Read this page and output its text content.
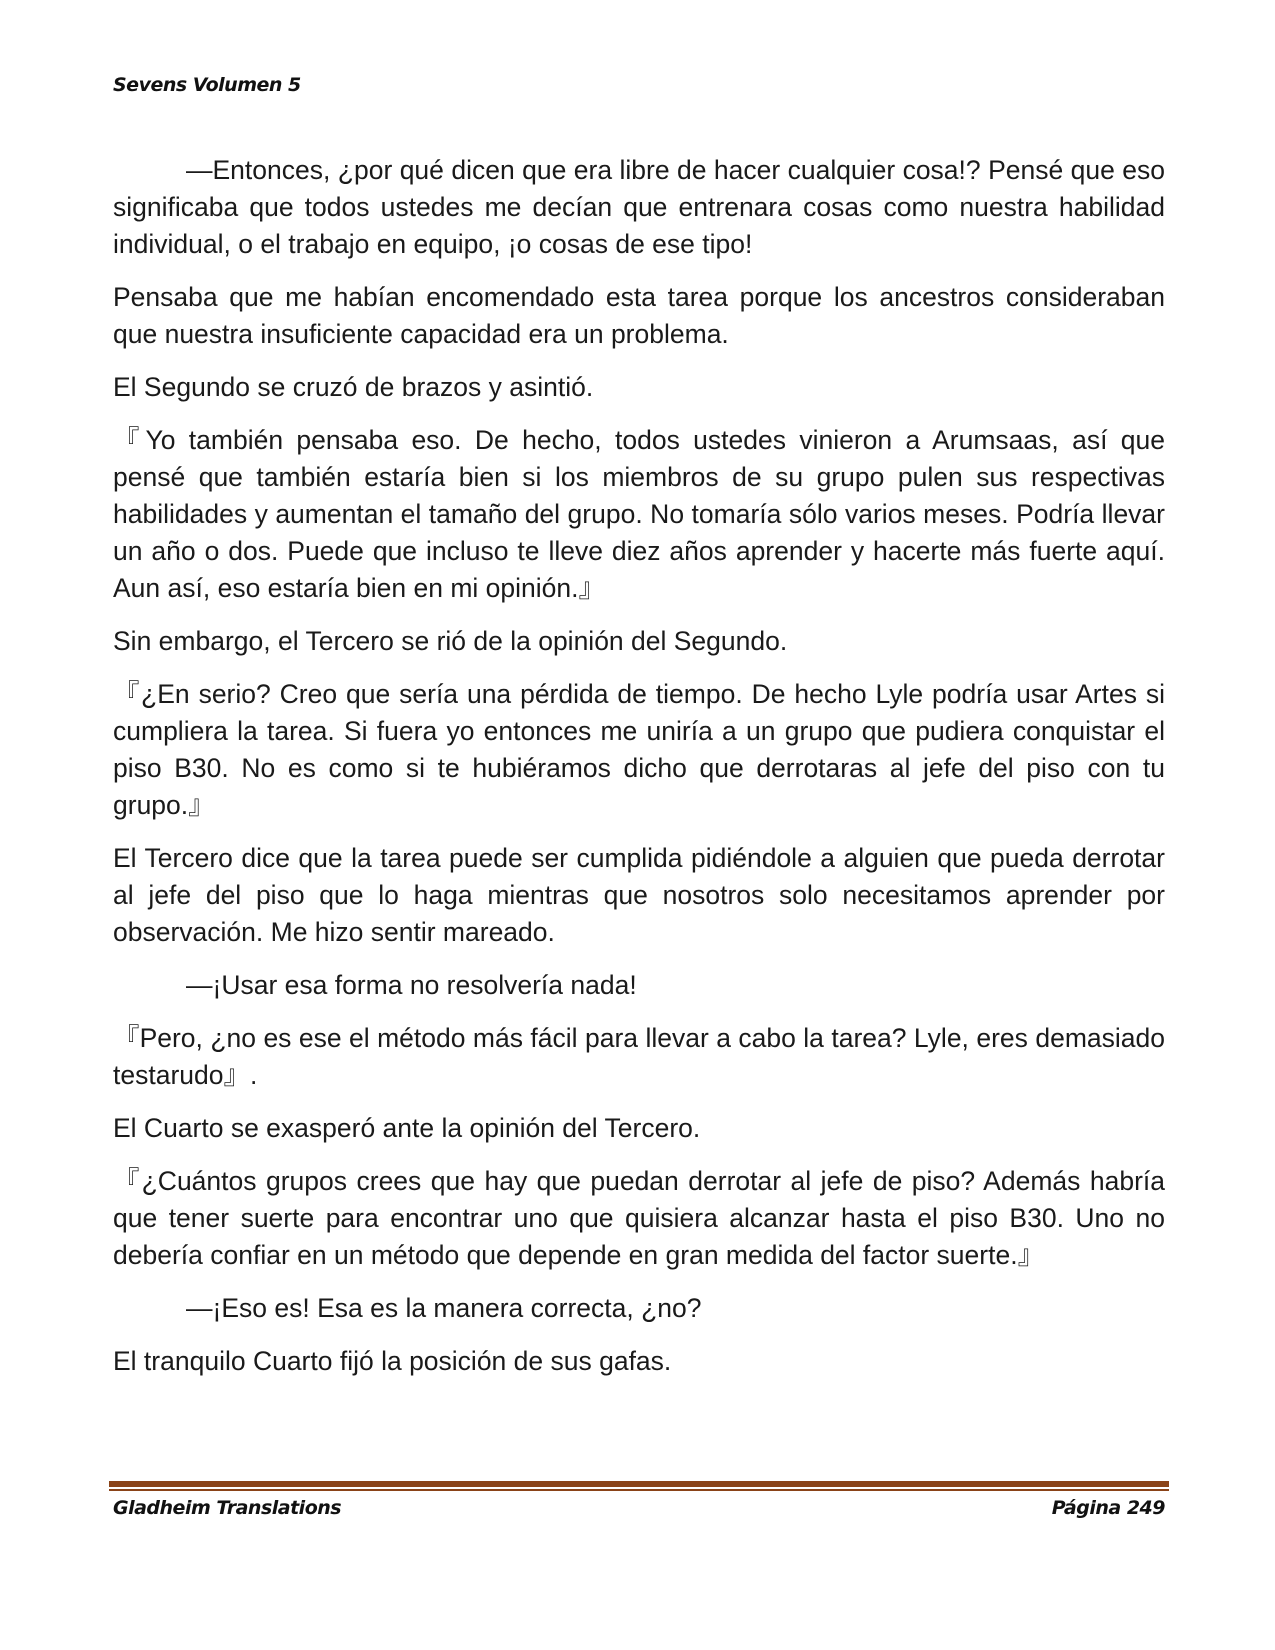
Sevens Volumen 5

—Entonces, ¿por qué dicen que era libre de hacer cualquier cosa!? Pensé que eso significaba que todos ustedes me decían que entrenara cosas como nuestra habilidad individual, o el trabajo en equipo, ¡o cosas de ese tipo!

Pensaba que me habían encomendado esta tarea porque los ancestros consideraban que nuestra insuficiente capacidad era un problema.

El Segundo se cruzó de brazos y asintió.

『Yo también pensaba eso. De hecho, todos ustedes vinieron a Arumsaas, así que pensé que también estaría bien si los miembros de su grupo pulen sus respectivas habilidades y aumentan el tamaño del grupo. No tomaría sólo varios meses. Podría llevar un año o dos. Puede que incluso te lleve diez años aprender y hacerte más fuerte aquí. Aun así, eso estaría bien en mi opinión.』

Sin embargo, el Tercero se rió de la opinión del Segundo.

『¿En serio? Creo que sería una pérdida de tiempo. De hecho Lyle podría usar Artes si cumpliera la tarea. Si fuera yo entonces me uniría a un grupo que pudiera conquistar el piso B30. No es como si te hubiéramos dicho que derrotaras al jefe del piso con tu grupo.』

El Tercero dice que la tarea puede ser cumplida pidiéndole a alguien que pueda derrotar al jefe del piso que lo haga mientras que nosotros solo necesitamos aprender por observación. Me hizo sentir mareado.

—¡Usar esa forma no resolvería nada!

『Pero, ¿no es ese el método más fácil para llevar a cabo la tarea? Lyle, eres demasiado testarudo』.

El Cuarto se exasperó ante la opinión del Tercero.

『¿Cuántos grupos crees que hay que puedan derrotar al jefe de piso? Además habría que tener suerte para encontrar uno que quisiera alcanzar hasta el piso B30. Uno no debería confiar en un método que depende en gran medida del factor suerte.』

—¡Eso es! Esa es la manera correcta, ¿no?

El tranquilo Cuarto fijó la posición de sus gafas.

Gladheim Translations	Página 249
